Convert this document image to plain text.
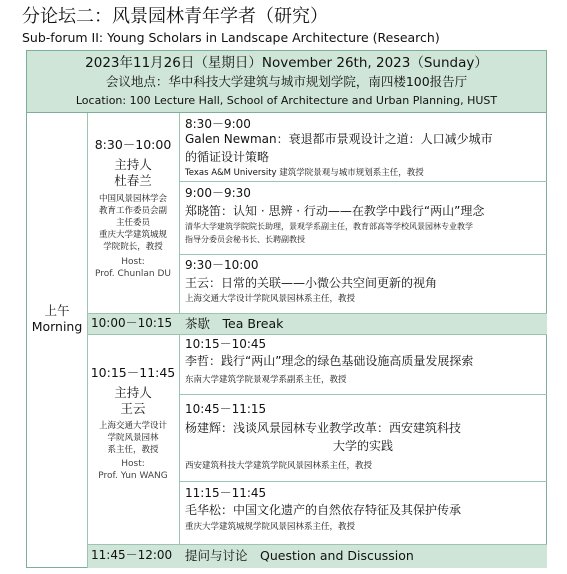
分论坛二：风景园林青年学者（研究）
Sub-forum II: Young Scholars in Landscape Architecture (Research)
2023年11月26日（星期日）November 26th, 2023（Sunday）
会议地点：华中科技大学建筑与城市规划学院，南四楼100报告厅
Location: 100 Lecture Hall, School of Architecture and Urban Planning, HUST
上午
Morning
8:30－10:00
主持人
杜春兰
中国风景园林学会
教育工作委员会副
主任委员
重庆大学建筑城规
学院院长，教授
Host:
Prof. Chunlan DU
8:30－9:00
Galen Newman：衰退都市景观设计之道：人口减少城市
的循证设计策略
Texas A&M University 建筑学院景观与城市规划系主任，教授
9:00－9:30
郑晓笛：认知 · 思辨 · 行动——在教学中践行“两山”理念
清华大学建筑学院院长助理，景观学系副主任，教育部高等学校风景园林专业教学
指导分委员会秘书长、长聘副教授
9:30－10:00
王云：日常的关联——小微公共空间更新的视角
上海交通大学设计学院风景园林系主任，教授
10:00－10:15 茶歇　Tea Break
10:15－11:45
主持人
王云
上海交通大学设计
学院风景园林
系主任，教授
Host:
Prof. Yun WANG
10:15－10:45
李哲：践行“两山”理念的绿色基础设施高质量发展探索
东南大学建筑学院景观学系副系主任，教授
10:45－11:15
杨建辉：浅谈风景园林专业教学改革：西安建筑科技
大学的实践
西安建筑科技大学建筑学院风景园林系主任，教授
11:15－11:45
毛华松：中国文化遗产的自然依存特征及其保护传承
重庆大学建筑城规学院风景园林系主任，教授
11:45－12:00 提问与讨论　Question and Discussion
